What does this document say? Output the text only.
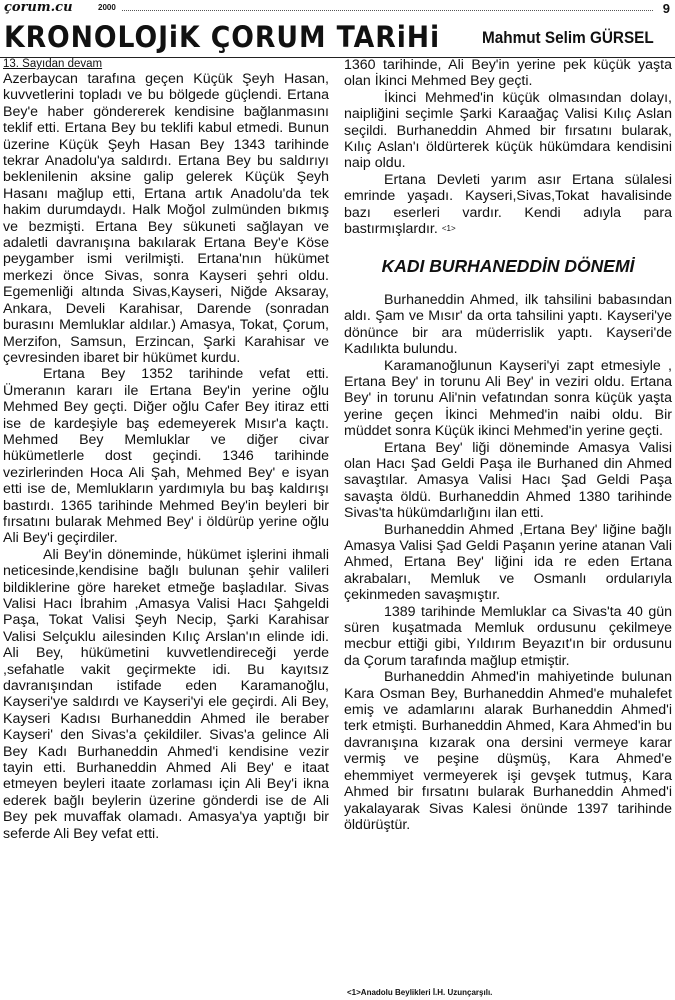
çorum.cu	2000	9
KRONOLOJiK ÇORUM TARiHi Mahmut Selim GÜRSEL
13. Sayıdan devam

Azerbaycan tarafına geçen Küçük Şeyh Hasan, kuvvetlerini topladı ve bu bölgede güçlendi. Ertana Bey'e haber göndererek kendisine bağlanmasını teklif etti. Ertana Bey bu teklifi kabul etmedi. Bunun üzerine Küçük Şeyh Hasan Bey 1343 tarihinde tekrar Anadolu'ya saldırdı. Ertana Bey bu saldırıyı beklenilenin aksine galip gelerek Küçük Şeyh Hasanı mağlup etti, Ertana artık Anadolu'da tek hakim durumdaydı. Halk Moğol zulmünden bıkmış ve bezmişti. Ertana Bey sükuneti sağlayan ve adaletli davranışına bakılarak Ertana Bey'e Köse peygamber ismi verilmişti. Ertana'nın hükümet merkezi önce Sivas, sonra Kayseri şehri oldu. Egemenliği altında Sivas,Kayseri, Niğde Aksaray, Ankara, Develi Karahisar, Darende (sonradan burasını Memluklar aldılar.) Amasya, Tokat, Çorum, Merzifon, Samsun, Erzincan, Şarki Karahisar ve çevresinden ibaret bir hükümet kurdu.

Ertana Bey 1352 tarihinde vefat etti. Ümeranın kararı ile Ertana Bey'in yerine oğlu Mehmed Bey geçti. Diğer oğlu Cafer Bey itiraz etti ise de kardeşiyle baş edemeyerek Mısır'a kaçtı. Mehmed Bey Memluklar ve diğer civar hükümetlerle dost geçindi. 1346 tarihinde vezirlerinden Hoca Ali Şah, Mehmed Bey' e isyan etti ise de, Memlukların yardımıyla bu baş kaldırışı bastırdı. 1365 tarihinde Mehmed Bey'in beyleri bir fırsatını bularak Mehmed Bey' i öldürüp yerine oğlu Ali Bey'i geçirdiler.

Ali Bey'in döneminde, hükümet işlerini ihmali neticesinde,kendisine bağlı bulunan şehir valileri bildiklerine göre hareket etmeğe başladılar. Sivas Valisi Hacı İbrahim ,Amasya Valisi Hacı Şahgeldi Paşa, Tokat Valisi Şeyh Necip, Şarki Karahisar Valisi Selçuklu ailesinden Kılıç Arslan'ın elinde idi. Ali Bey, hükümetini kuvvetlendireceği yerde ,sefahatle vakit geçirmekte idi. Bu kayıtsız davranışından istifade eden Karamanoğlu, Kayseri'ye saldırdı ve Kayseri'yi ele geçirdi. Ali Bey, Kayseri Kadısı Burhaneddin Ahmed ile beraber Kayseri' den Sivas'a çekildiler. Sivas'a gelince Ali Bey Kadı Burhaneddin Ahmed'i kendisine vezir tayin etti. Burhaneddin Ahmed Ali Bey' e itaat etmeyen beyleri itaate zorlaması için Ali Bey'i ikna ederek bağlı beylerin üzerine gönderdi ise de Ali Bey pek muvaffak olamadı. Amasya'ya yaptığı bir seferde Ali Bey vefat etti.

1360 tarihinde, Ali Bey'in yerine pek küçük yaşta olan İkinci Mehmed Bey geçti.

İkinci Mehmed'in küçük olmasından dolayı, naipliğini seçimle Şarki Karaağaç Valisi Kılıç Aslan seçildi. Burhaneddin Ahmed bir fırsatını bularak, Kılıç Aslan'ı öldürterek küçük hükümdara kendisini naip oldu.

Ertana Devleti yarım asır Ertana sülalesi emrinde yaşadı. Kayseri,Sivas,Tokat havalisinde bazı eserleri vardır. Kendi adıyla para bastırmışlardır. <1>

KADI BURHANEDDİN DÖNEMİ

Burhaneddin Ahmed, ilk tahsilini babasından aldı. Şam ve Mısır' da orta tahsilini yaptı. Kayseri'ye dönünce bir ara müderrislik yaptı. Kayseri'de Kadılıkta bulundu.

Karamanoğlunun Kayseri'yi zapt etmesiyle , Ertana Bey' in torunu Ali Bey' in veziri oldu. Ertana Bey' in torunu Ali'nin vefatından sonra küçük yaşta yerine geçen İkinci Mehmed'in naibi oldu. Bir müddet sonra Küçük ikinci Mehmed'in yerine geçti.

Ertana Bey' liği döneminde Amasya Valisi olan Hacı Şad Geldi Paşa ile Burhaned din Ahmed savaştılar. Amasya Valisi Hacı Şad Geldi Paşa savaşta öldü. Burhaneddin Ahmed 1380 tarihinde Sivas'ta hükümdarlığını ilan etti.

Burhaneddin Ahmed ,Ertana Bey' liğine bağlı Amasya Valisi Şad Geldi Paşanın yerine atanan Vali Ahmed, Ertana Bey' liğini ida re eden Ertana akrabaları, Memluk ve Osmanlı ordularıyla çekinmeden savaşmıştır.

1389 tarihinde Memluklar ca Sivas'ta 40 gün süren kuşatmada Memluk ordusunu çekilmeye mecbur ettiği gibi, Yıldırım Beyazıt'ın bir ordusunu da Çorum tarafında mağlup etmiştir.

Burhaneddin Ahmed'in mahiyetinde bulunan Kara Osman Bey, Burhaneddin Ahmed'e muhalefet emiş ve adamlarını alarak Burhaneddin Ahmed'i terk etmişti. Burhaneddin Ahmed, Kara Ahmed'in bu davranışına kızarak ona dersini vermeye karar vermiş ve peşine düşmüş, Kara Ahmed'e ehemmiyet vermeyerek işi gevşek tutmuş, Kara Ahmed bir fırsatını bularak Burhaneddin Ahmed'i yakalayarak Sivas Kalesi önünde 1397 tarihinde öldürüştür.

<1>Anadolu Beylikleri İ.H. Uzunçarşılı.
